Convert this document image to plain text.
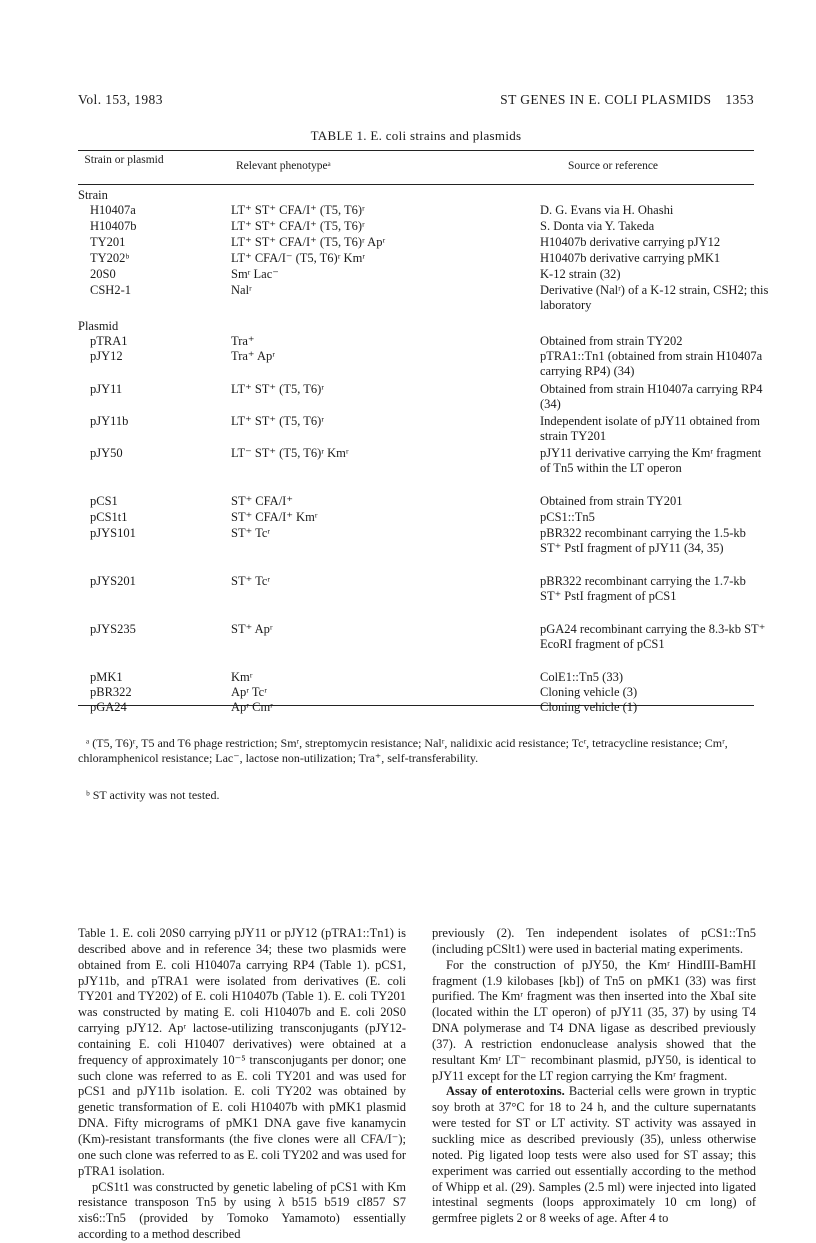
Vol. 153, 1983	ST GENES IN E. COLI PLASMIDS 1353
TABLE 1. E. coli strains and plasmids
Strain or plasmid	Relevant phenotypeᵃ	Source or reference
Strain
Plasmid
H10407a	LT⁺ ST⁺ CFA/I⁺ (T5, T6)ʳ	D. G. Evans via H. Ohashi
H10407b	LT⁺ ST⁺ CFA/I⁺ (T5, T6)ʳ	S. Donta via Y. Takeda
TY201	LT⁺ ST⁺ CFA/I⁺ (T5, T6)ʳ Apʳ	H10407b derivative carrying pJY12
TY202ᵇ	LT⁺ CFA/I⁻ (T5, T6)ʳ Kmʳ	H10407b derivative carrying pMK1
20S0	Smʳ Lac⁻	K-12 strain (32)
CSH2-1	Nalʳ	Derivative (Nalʳ) of a K-12 strain, CSH2; this laboratory
pTRA1	Tra⁺	Obtained from strain TY202
pJY12	Tra⁺ Apʳ	pTRA1::Tn1 (obtained from strain H10407a carrying RP4) (34)
pJY11	LT⁺ ST⁺ (T5, T6)ʳ	Obtained from strain H10407a carrying RP4 (34)
pJY11b	LT⁺ ST⁺ (T5, T6)ʳ	Independent isolate of pJY11 obtained from strain TY201
pJY50	LT⁻ ST⁺ (T5, T6)ʳ Kmʳ	pJY11 derivative carrying the Kmʳ fragment of Tn5 within the LT operon
pCS1	ST⁺ CFA/I⁺	Obtained from strain TY201
pCS1t1	ST⁺ CFA/I⁺ Kmʳ	pCS1::Tn5
pJYS101	ST⁺ Tcʳ	pBR322 recombinant carrying the 1.5-kb ST⁺ PstI fragment of pJY11 (34, 35)
pJYS201	ST⁺ Tcʳ	pBR322 recombinant carrying the 1.7-kb ST⁺ PstI fragment of pCS1
pJYS235	ST⁺ Apʳ	pGA24 recombinant carrying the 8.3-kb ST⁺ EcoRI fragment of pCS1
pMK1	Kmʳ	ColE1::Tn5 (33)
pBR322	Apʳ Tcʳ	Cloning vehicle (3)
pGA24	Apʳ Cmʳ	Cloning vehicle (1)
ᵃ (T5, T6)ʳ, T5 and T6 phage restriction; Smʳ, streptomycin resistance; Nalʳ, nalidixic acid resistance; Tcʳ, tetracycline resistance; Cmʳ, chloramphenicol resistance; Lac⁻, lactose non-utilization; Tra⁺, self-transferability.
ᵇ ST activity was not tested.

Table 1. E. coli 20S0 carrying pJY11 or pJY12 (pTRA1::Tn1) is described above and in reference 34; these two plasmids were obtained from E. coli H10407a carrying RP4 (Table 1). pCS1, pJY11b, and pTRA1 were isolated from derivatives (E. coli TY201 and TY202) of E. coli H10407b (Table 1). E. coli TY201 was constructed by mating E. coli H10407b and E. coli 20S0 carrying pJY12. Apʳ lactose-utilizing transconjugants (pJY12-containing E. coli H10407 derivatives) were obtained at a frequency of approximately 10⁻⁵ transconjugants per donor; one such clone was referred to as E. coli TY201 and was used for pCS1 and pJY11b isolation. E. coli TY202 was obtained by genetic transformation of E. coli H10407b with pMK1 plasmid DNA. Fifty micrograms of pMK1 DNA gave five kanamycin (Km)-resistant transformants (the five clones were all CFA/I⁻); one such clone was referred to as E. coli TY202 and was used for pTRA1 isolation.

pCS1t1 was constructed by genetic labeling of pCS1 with Km resistance transposon Tn5 by using λ b515 b519 cI857 S7 xis6::Tn5 (provided by Tomoko Yamamoto) essentially according to a method described

previously (2). Ten independent isolates of pCS1::Tn5 (including pCSlt1) were used in bacterial mating experiments.

For the construction of pJY50, the Kmʳ HindIII-BamHI fragment (1.9 kilobases [kb]) of Tn5 on pMK1 (33) was first purified. The Kmʳ fragment was then inserted into the XbaI site (located within the LT operon) of pJY11 (35, 37) by using T4 DNA polymerase and T4 DNA ligase as described previously (37). A restriction endonuclease analysis showed that the resultant Kmʳ LT⁻ recombinant plasmid, pJY50, is identical to pJY11 except for the LT region carrying the Kmʳ fragment.

Assay of enterotoxins. Bacterial cells were grown in tryptic soy broth at 37°C for 18 to 24 h, and the culture supernatants were tested for ST or LT activity. ST activity was assayed in suckling mice as described previously (35), unless otherwise noted. Pig ligated loop tests were also used for ST assay; this experiment was carried out essentially according to the method of Whipp et al. (29). Samples (2.5 ml) were injected into ligated intestinal segments (loops approximately 10 cm long) of germfree piglets 2 or 8 weeks of age. After 4 to
